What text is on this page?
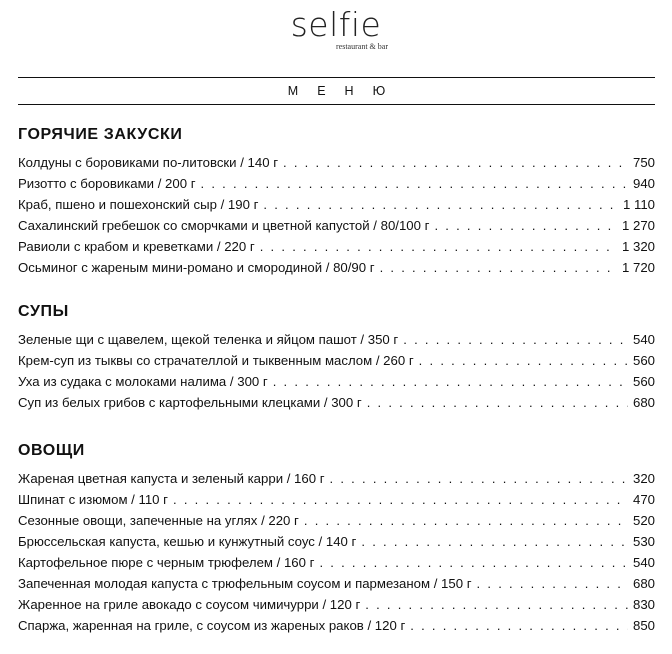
selfie
restaurant & bar
МЕНЮ
ГОРЯЧИЕ ЗАКУСКИ
Колдуны с боровиками по-литовски / 140 г . . .	750
Ризотто с боровиками / 200 г . . .	940
Краб, пшено и пошехонский сыр / 190 г . . .	1 110
Сахалинский гребешок со сморчками и цветной капустой / 80/100 г . . .	1 270
Равиоли с крабом и креветками / 220 г . . .	1 320
Осьминог с жареным мини-романо и смородиной / 80/90 г . . .	1 720
СУПЫ
Зеленые щи с щавелем, щекой теленка и яйцом пашот / 350 г . . .	540
Крем-суп из тыквы со страчателлой и тыквенным маслом / 260 г . . .	560
Уха из судака с молоками налима / 300 г . . .	560
Суп из белых грибов с картофельными клецками / 300 г . . .	680
ОВОЩИ
Жареная цветная капуста и зеленый карри / 160 г . . .	320
Шпинат с изюмом / 110 г . . .	470
Сезонные овощи, запеченные на углях / 220 г . . .	520
Брюссельская капуста, кешью и кунжутный соус / 140 г . . .	530
Картофельное пюре с черным трюфелем / 160 г . . .	540
Запеченная молодая капуста с трюфельным соусом и пармезаном / 150 г . . .	680
Жаренное на гриле авокадо с соусом чимичурри / 120 г . . .	830
Спаржа, жаренная на гриле, с соусом из жареных раков / 120 г . . .	850
